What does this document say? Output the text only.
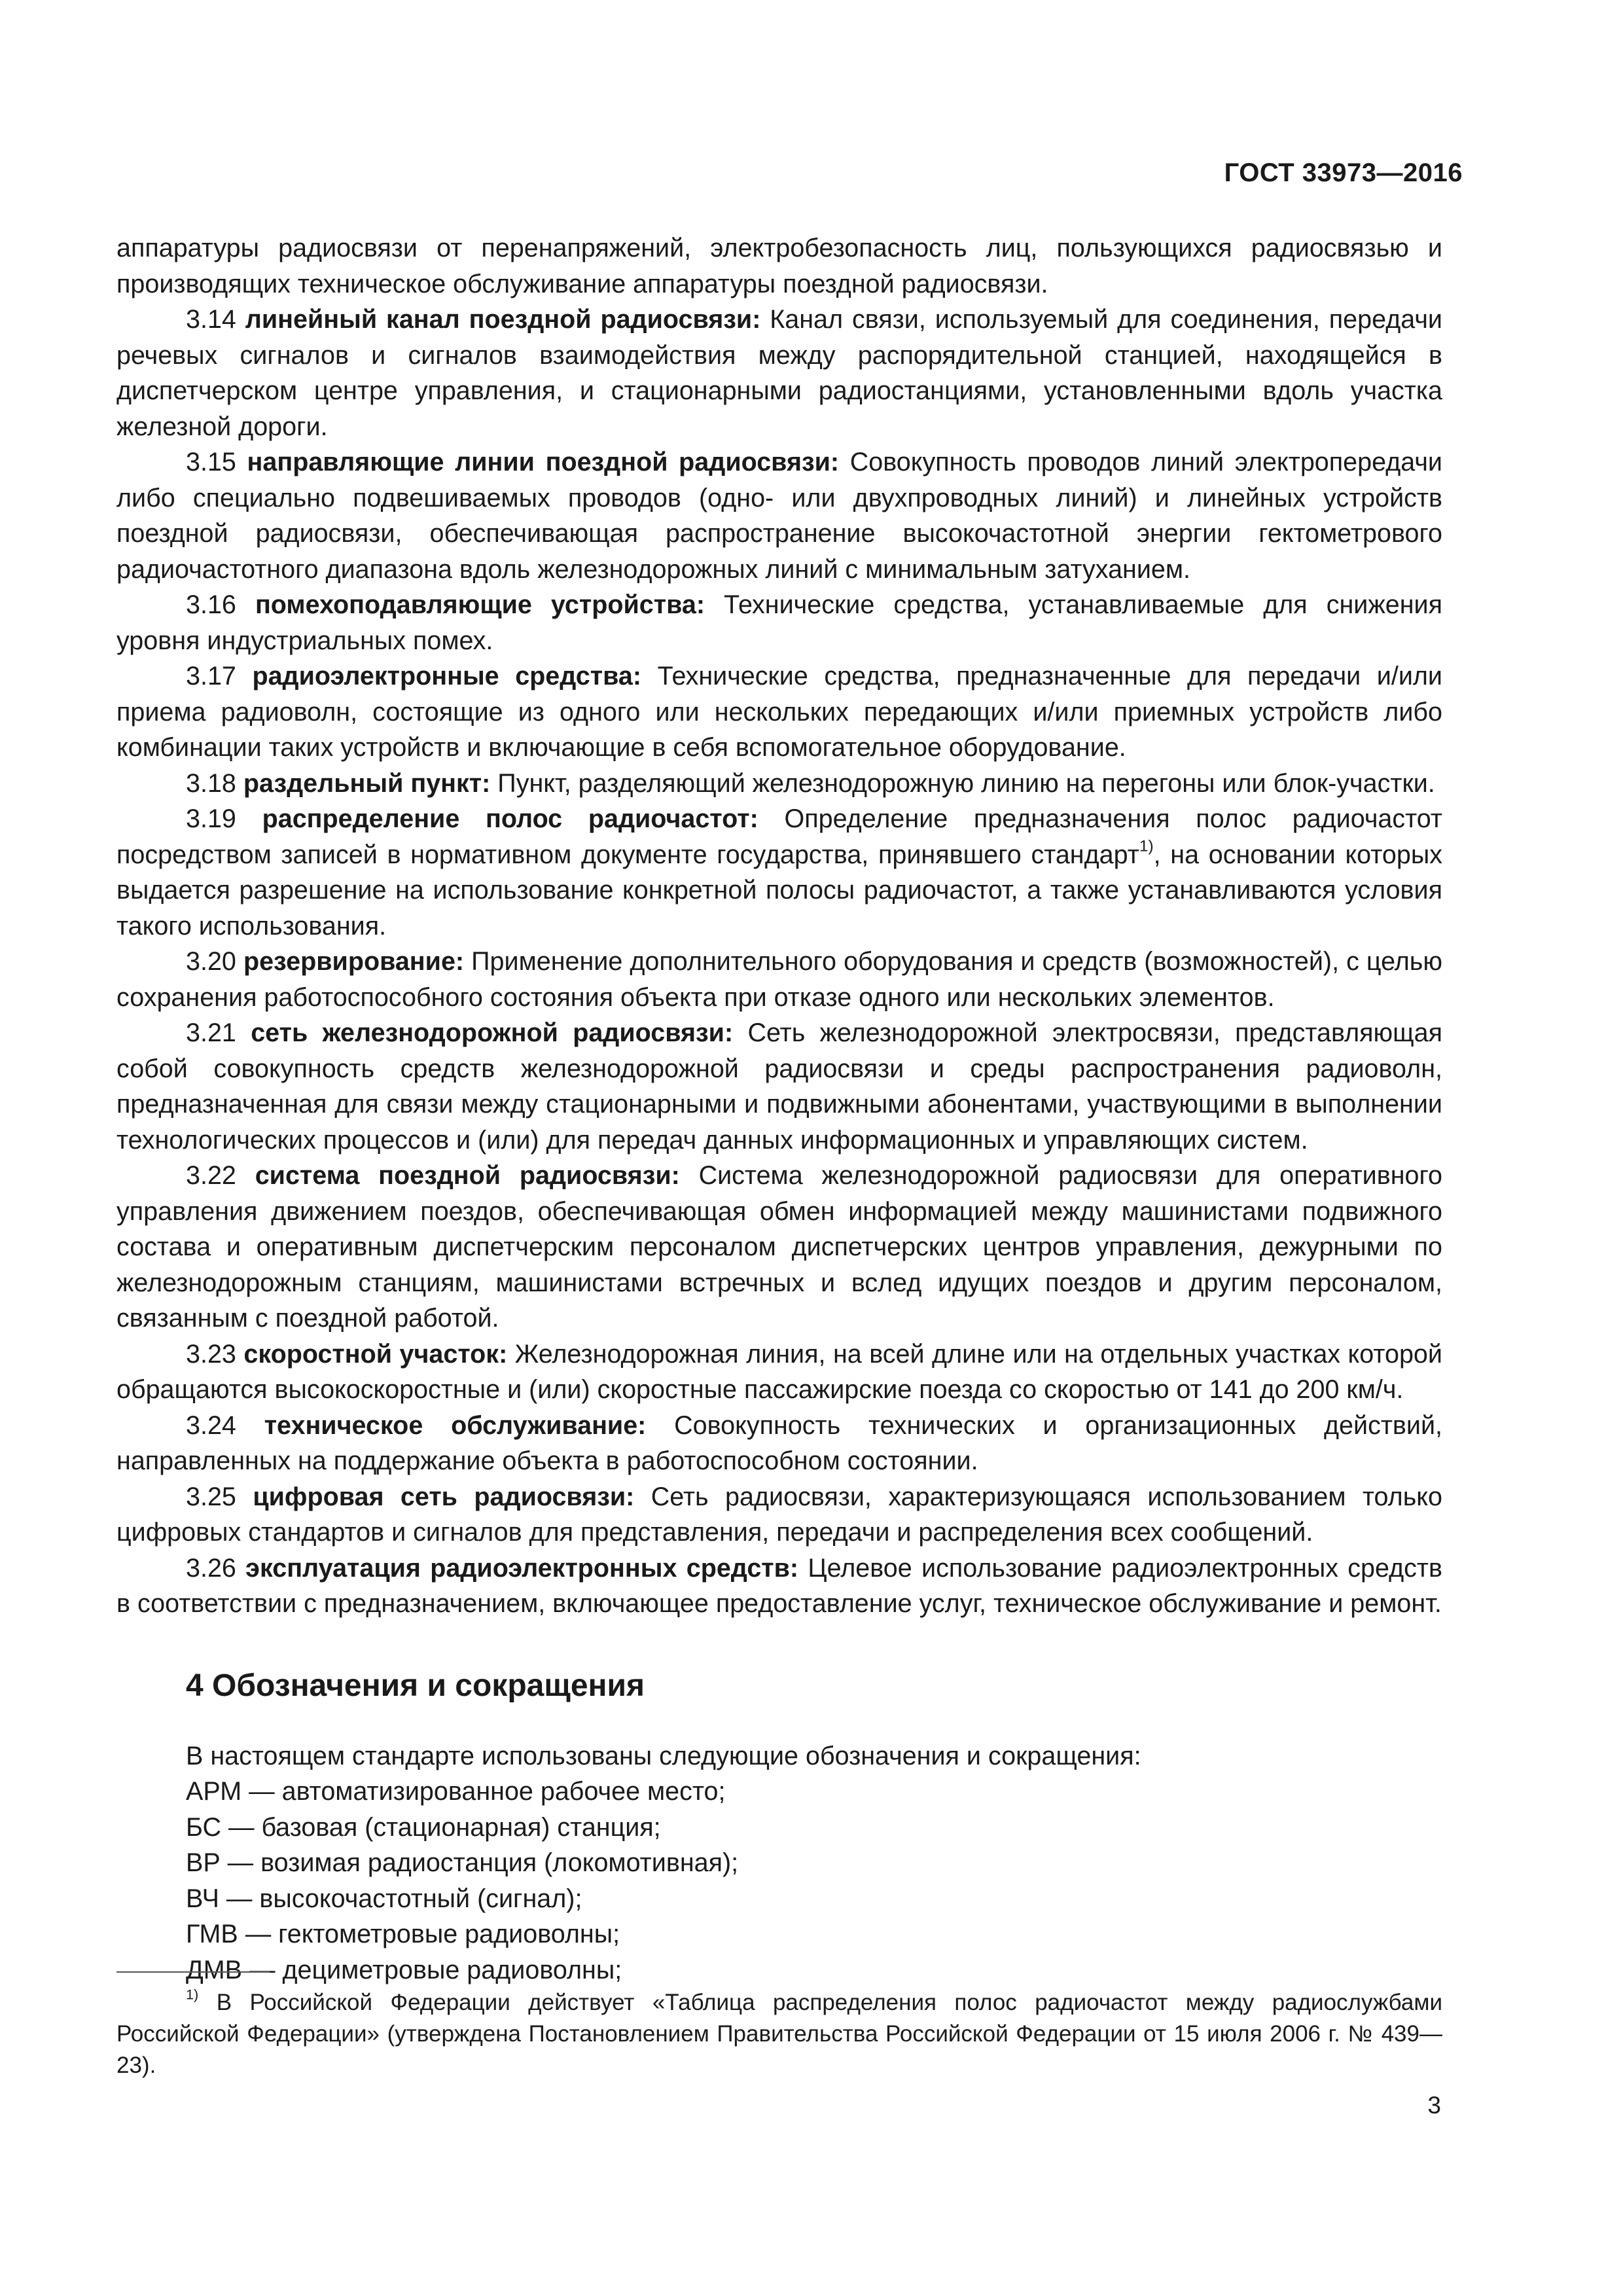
ГОСТ 33973—2016

аппаратуры радиосвязи от перенапряжений, электробезопасность лиц, пользующихся радиосвязью и производящих техническое обслуживание аппаратуры поездной радиосвязи.

3.14 линейный канал поездной радиосвязи: Канал связи, используемый для соединения, передачи речевых сигналов и сигналов взаимодействия между распорядительной станцией, находящейся в диспетчерском центре управления, и стационарными радиостанциями, установленными вдоль участка железной дороги.

3.15 направляющие линии поездной радиосвязи: Совокупность проводов линий электропередачи либо специально подвешиваемых проводов (одно- или двухпроводных линий) и линейных устройств поездной радиосвязи, обеспечивающая распространение высокочастотной энергии гектометрового радиочастотного диапазона вдоль железнодорожных линий с минимальным затуханием.

3.16 помехоподавляющие устройства: Технические средства, устанавливаемые для снижения уровня индустриальных помех.

3.17 радиоэлектронные средства: Технические средства, предназначенные для передачи и/или приема радиоволн, состоящие из одного или нескольких передающих и/или приемных устройств либо комбинации таких устройств и включающие в себя вспомогательное оборудование.

3.18 раздельный пункт: Пункт, разделяющий железнодорожную линию на перегоны или блок-участки.

3.19 распределение полос радиочастот: Определение предназначения полос радиочастот посредством записей в нормативном документе государства, принявшего стандарт$^{1)}$, на основании которых выдается разрешение на использование конкретной полосы радиочастот, а также устанавливаются условия такого использования.

3.20 резервирование: Применение дополнительного оборудования и средств (возможностей), с целью сохранения работоспособного состояния объекта при отказе одного или нескольких элементов.

3.21 сеть железнодорожной радиосвязи: Сеть железнодорожной электросвязи, представляющая собой совокупность средств железнодорожной радиосвязи и среды распространения радиоволн, предназначенная для связи между стационарными и подвижными абонентами, участвующими в выполнении технологических процессов и (или) для передач данных информационных и управляющих систем.

3.22 система поездной радиосвязи: Система железнодорожной радиосвязи для оперативного управления движением поездов, обеспечивающая обмен информацией между машинистами подвижного состава и оперативным диспетчерским персоналом диспетчерских центров управления, дежурными по железнодорожным станциям, машинистами встречных и вслед идущих поездов и другим персоналом, связанным с поездной работой.

3.23 скоростной участок: Железнодорожная линия, на всей длине или на отдельных участках которой обращаются высокоскоростные и (или) скоростные пассажирские поезда со скоростью от 141 до 200 км/ч.

3.24 техническое обслуживание: Совокупность технических и организационных действий, направленных на поддержание объекта в работоспособном состоянии.

3.25 цифровая сеть радиосвязи: Сеть радиосвязи, характеризующаяся использованием только цифровых стандартов и сигналов для представления, передачи и распределения всех сообщений.

3.26 эксплуатация радиоэлектронных средств: Целевое использование радиоэлектронных средств в соответствии с предназначением, включающее предоставление услуг, техническое обслуживание и ремонт.

4 Обозначения и сокращения

В настоящем стандарте использованы следующие обозначения и сокращения:

АРМ — автоматизированное рабочее место;

БС — базовая (стационарная) станция;

ВР — возимая радиостанция (локомотивная);

ВЧ — высокочастотный (сигнал);

ГМВ — гектометровые радиоволны;

ДМВ — дециметровые радиоволны;

$^{1)}$ В Российской Федерации действует «Таблица распределения полос радиочастот между радиослужбами Российской Федерации» (утверждена Постановлением Правительства Российской Федерации от 15 июля 2006 г. № 439—23).

3
